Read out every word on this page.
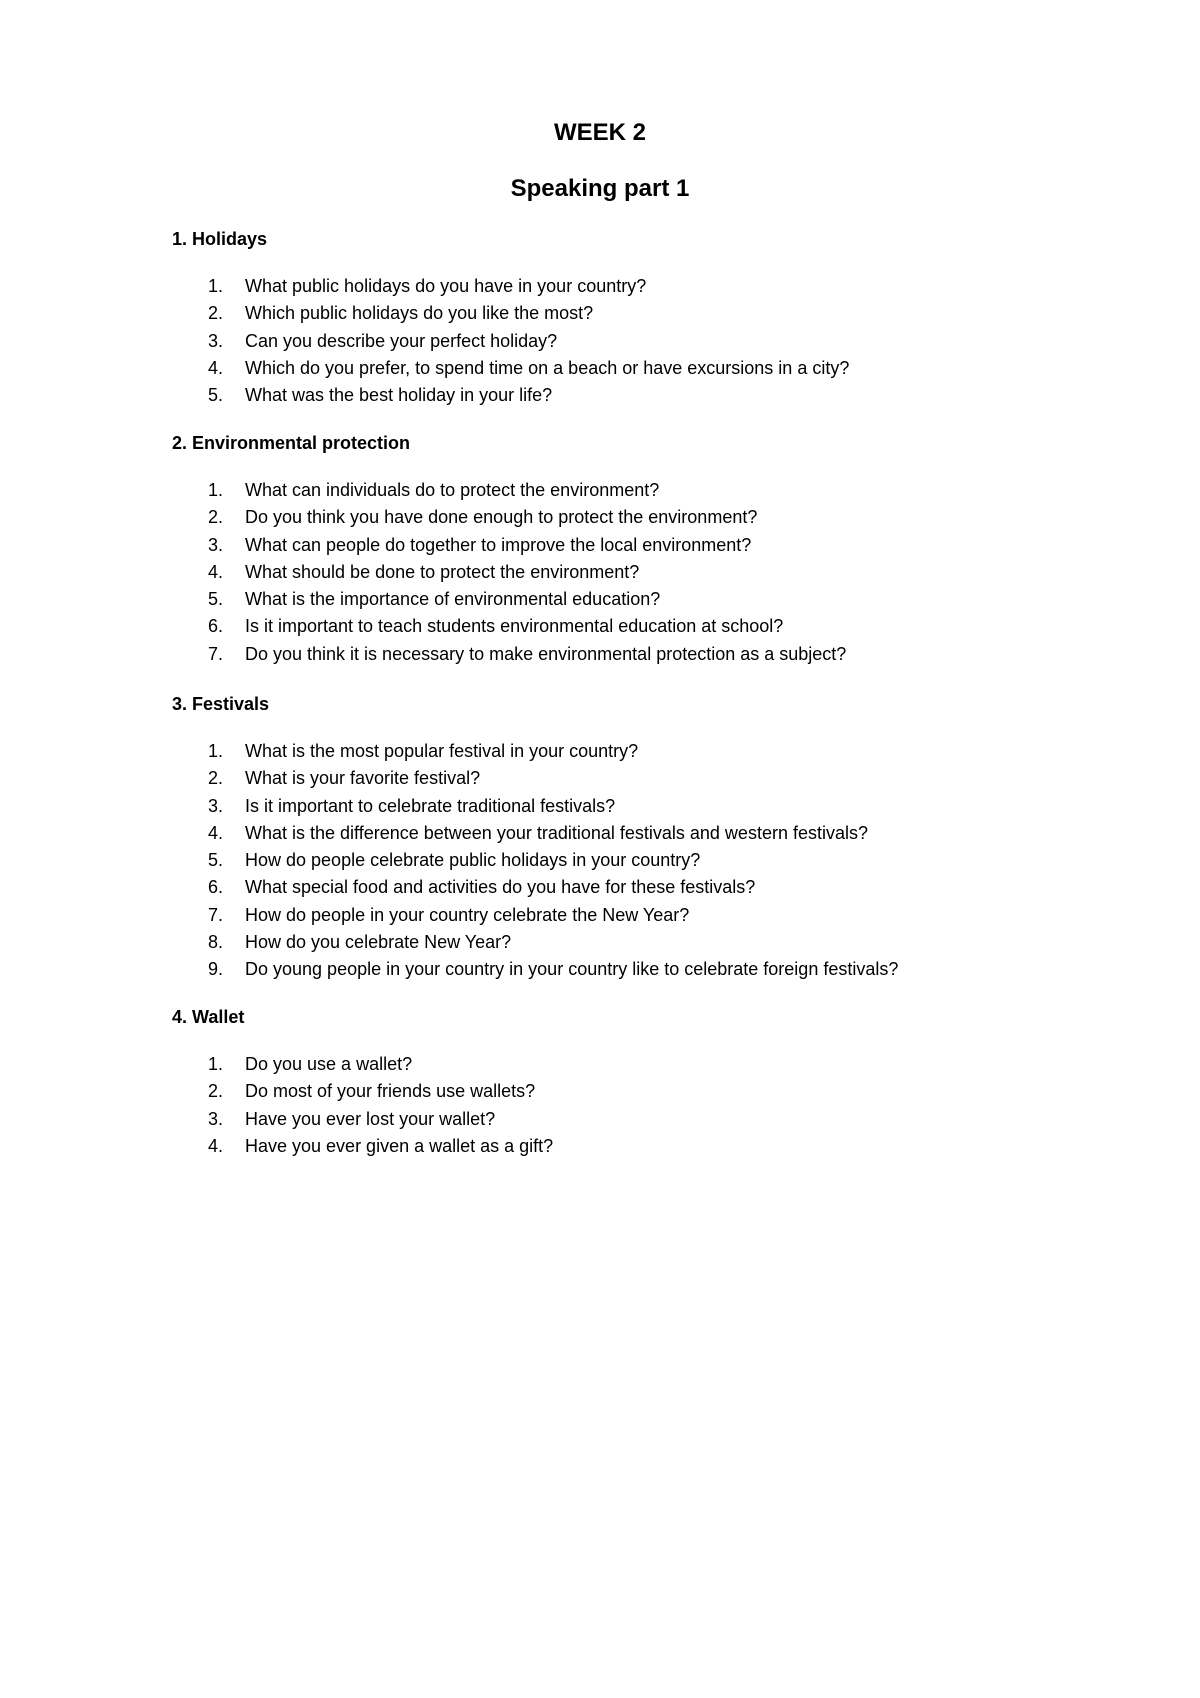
WEEK 2
Speaking part 1
1. Holidays
1. What public holidays do you have in your country?
2. Which public holidays do you like the most?
3. Can you describe your perfect holiday?
4. Which do you prefer, to spend time on a beach or have excursions in a city?
5. What was the best holiday in your life?
2. Environmental protection
1. What can individuals do to protect the environment?
2. Do you think you have done enough to protect the environment?
3. What can people do together to improve the local environment?
4. What should be done to protect the environment?
5. What is the importance of environmental education?
6. Is it important to teach students environmental education at school?
7. Do you think it is necessary to make environmental protection as a subject?
3. Festivals
1. What is the most popular festival in your country?
2. What is your favorite festival?
3. Is it important to celebrate traditional festivals?
4. What is the difference between your traditional festivals and western festivals?
5. How do people celebrate public holidays in your country?
6. What special food and activities do you have for these festivals?
7. How do people in your country celebrate the New Year?
8. How do you celebrate New Year?
9. Do young people in your country in your country like to celebrate foreign festivals?
4. Wallet
1. Do you use a wallet?
2. Do most of your friends use wallets?
3. Have you ever lost your wallet?
4. Have you ever given a wallet as a gift?
